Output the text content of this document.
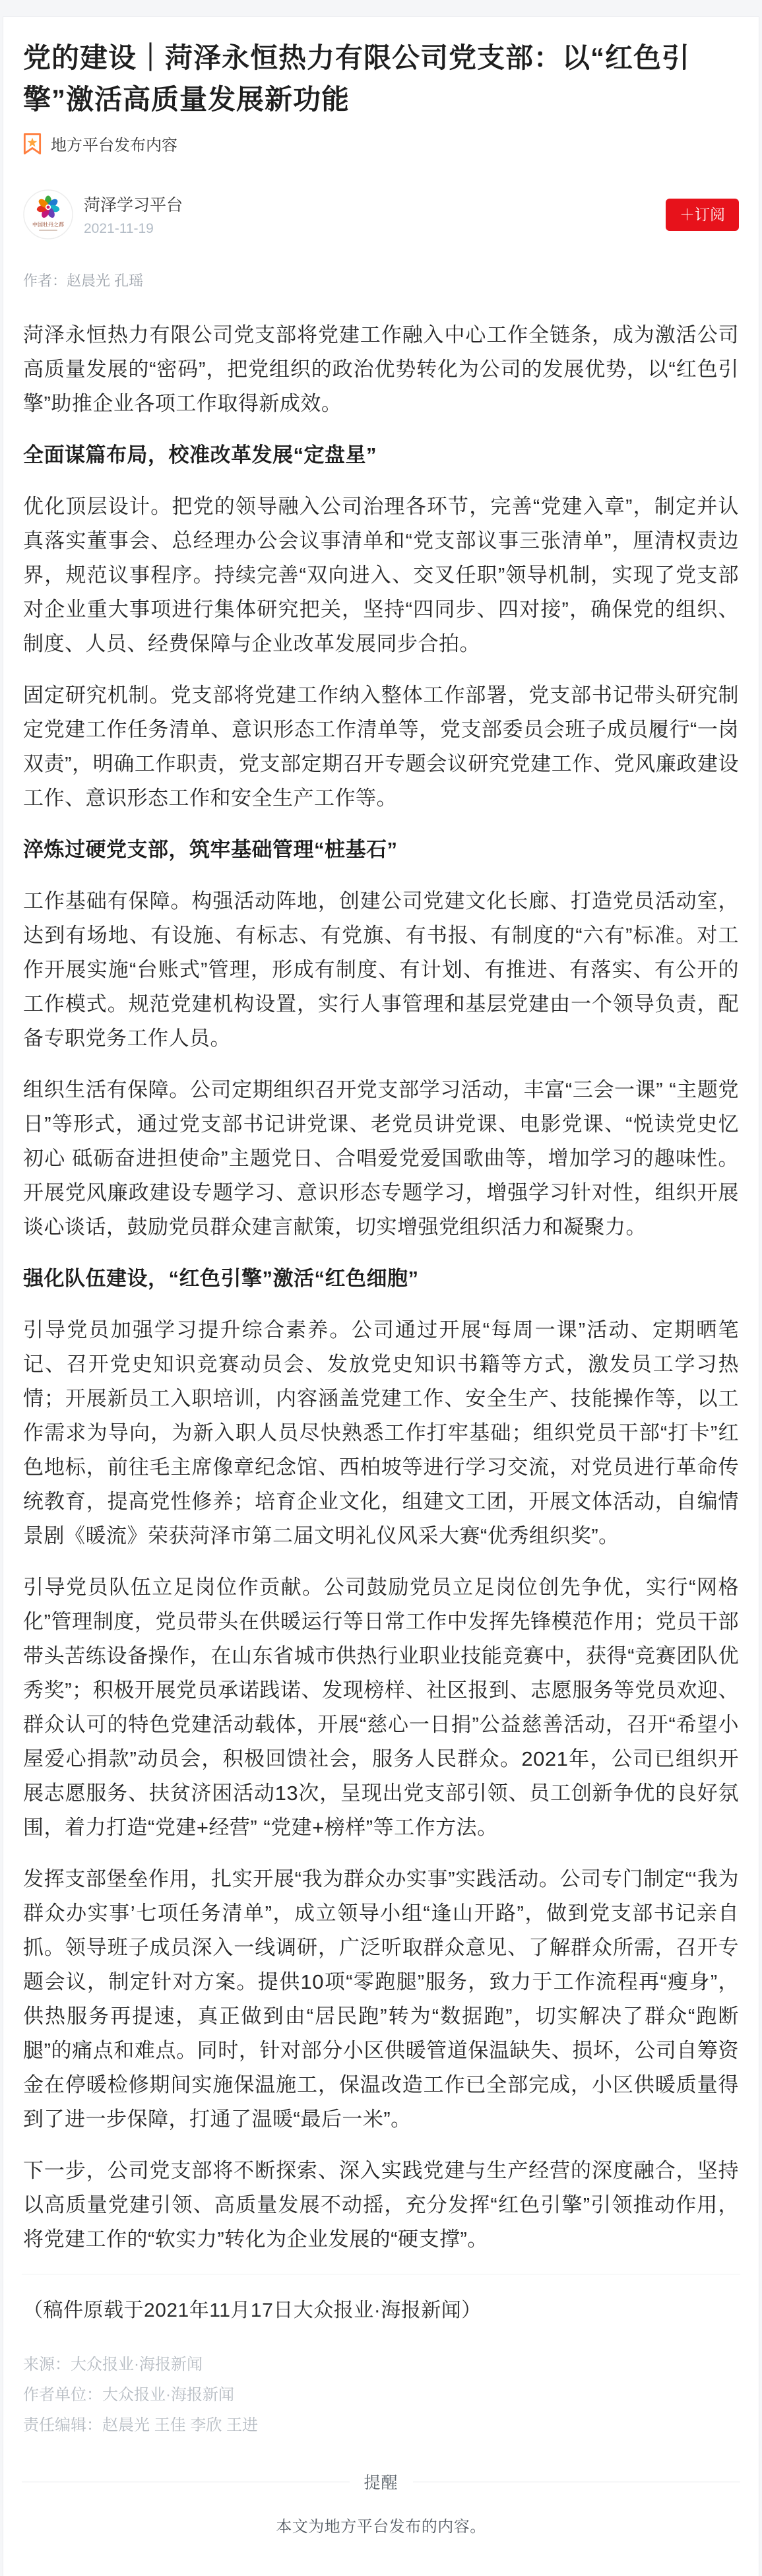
党的建设｜菏泽永恒热力有限公司党支部：以“红色引擎”激活高质量发展新功能
地方平台发布内容
中国牡丹之都
菏泽学习平台
2021-11-19
＋订阅
作者：赵晨光 孔瑶

菏泽永恒热力有限公司党支部将党建工作融入中心工作全链条，成为激活公司高质量发展的“密码”，把党组织的政治优势转化为公司的发展优势，以“红色引擎”助推企业各项工作取得新成效。

全面谋篇布局，校准改革发展“定盘星”

优化顶层设计。把党的领导融入公司治理各环节，完善“党建入章”，制定并认真落实董事会、总经理办公会议事清单和“党支部议事三张清单”，厘清权责边界，规范议事程序。持续完善“双向进入、交叉任职”领导机制，实现了党支部对企业重大事项进行集体研究把关，坚持“四同步、四对接”，确保党的组织、制度、人员、经费保障与企业改革发展同步合拍。

固定研究机制。党支部将党建工作纳入整体工作部署，党支部书记带头研究制定党建工作任务清单、意识形态工作清单等，党支部委员会班子成员履行“一岗双责”，明确工作职责，党支部定期召开专题会议研究党建工作、党风廉政建设工作、意识形态工作和安全生产工作等。

淬炼过硬党支部，筑牢基础管理“桩基石”

工作基础有保障。构强活动阵地，创建公司党建文化长廊、打造党员活动室，达到有场地、有设施、有标志、有党旗、有书报、有制度的“六有”标准。对工作开展实施“台账式”管理，形成有制度、有计划、有推进、有落实、有公开的工作模式。规范党建机构设置，实行人事管理和基层党建由一个领导负责，配备专职党务工作人员。

组织生活有保障。公司定期组织召开党支部学习活动，丰富“三会一课” “主题党日”等形式，通过党支部书记讲党课、老党员讲党课、电影党课、“悦读党史忆初心 砥砺奋进担使命”主题党日、合唱爱党爱国歌曲等，增加学习的趣味性。开展党风廉政建设专题学习、意识形态专题学习，增强学习针对性，组织开展谈心谈话，鼓励党员群众建言献策，切实增强党组织活力和凝聚力。

强化队伍建设，“红色引擎”激活“红色细胞”

引导党员加强学习提升综合素养。公司通过开展“每周一课”活动、定期晒笔记、召开党史知识竞赛动员会、发放党史知识书籍等方式，激发员工学习热情；开展新员工入职培训，内容涵盖党建工作、安全生产、技能操作等，以工作需求为导向，为新入职人员尽快熟悉工作打牢基础；组织党员干部“打卡”红色地标，前往毛主席像章纪念馆、西柏坡等进行学习交流，对党员进行革命传统教育，提高党性修养；培育企业文化，组建文工团，开展文体活动，自编情景剧《暖流》荣获菏泽市第二届文明礼仪风采大赛“优秀组织奖”。

引导党员队伍立足岗位作贡献。公司鼓励党员立足岗位创先争优，实行“网格化”管理制度，党员带头在供暖运行等日常工作中发挥先锋模范作用；党员干部带头苦练设备操作，在山东省城市供热行业职业技能竞赛中，获得“竞赛团队优秀奖”；积极开展党员承诺践诺、发现榜样、社区报到、志愿服务等党员欢迎、群众认可的特色党建活动载体，开展“慈心一日捐”公益慈善活动，召开“希望小屋爱心捐款”动员会，积极回馈社会，服务人民群众。2021年，公司已组织开展志愿服务、扶贫济困活动13次，呈现出党支部引领、员工创新争优的良好氛围，着力打造“党建+经营” “党建+榜样”等工作方法。

发挥支部堡垒作用，扎实开展“我为群众办实事”实践活动。公司专门制定“‘我为群众办实事’七项任务清单”，成立领导小组“逢山开路”，做到党支部书记亲自抓。领导班子成员深入一线调研，广泛听取群众意见、了解群众所需，召开专题会议，制定针对方案。提供10项“零跑腿”服务，致力于工作流程再“瘦身”，供热服务再提速，真正做到由“居民跑”转为“数据跑”，切实解决了群众“跑断腿”的痛点和难点。同时，针对部分小区供暖管道保温缺失、损坏，公司自筹资金在停暖检修期间实施保温施工，保温改造工作已全部完成，小区供暖质量得到了进一步保障，打通了温暖“最后一米”。

下一步，公司党支部将不断探索、深入实践党建与生产经营的深度融合，坚持以高质量党建引领、高质量发展不动摇，充分发挥“红色引擎”引领推动作用，将党建工作的“软实力”转化为企业发展的“硬支撑”。

（稿件原载于2021年11月17日大众报业·海报新闻）
来源：大众报业·海报新闻
作者单位：大众报业·海报新闻
责任编辑：赵晨光 王佳 李欣 王进
提醒
本文为地方平台发布的内容。
